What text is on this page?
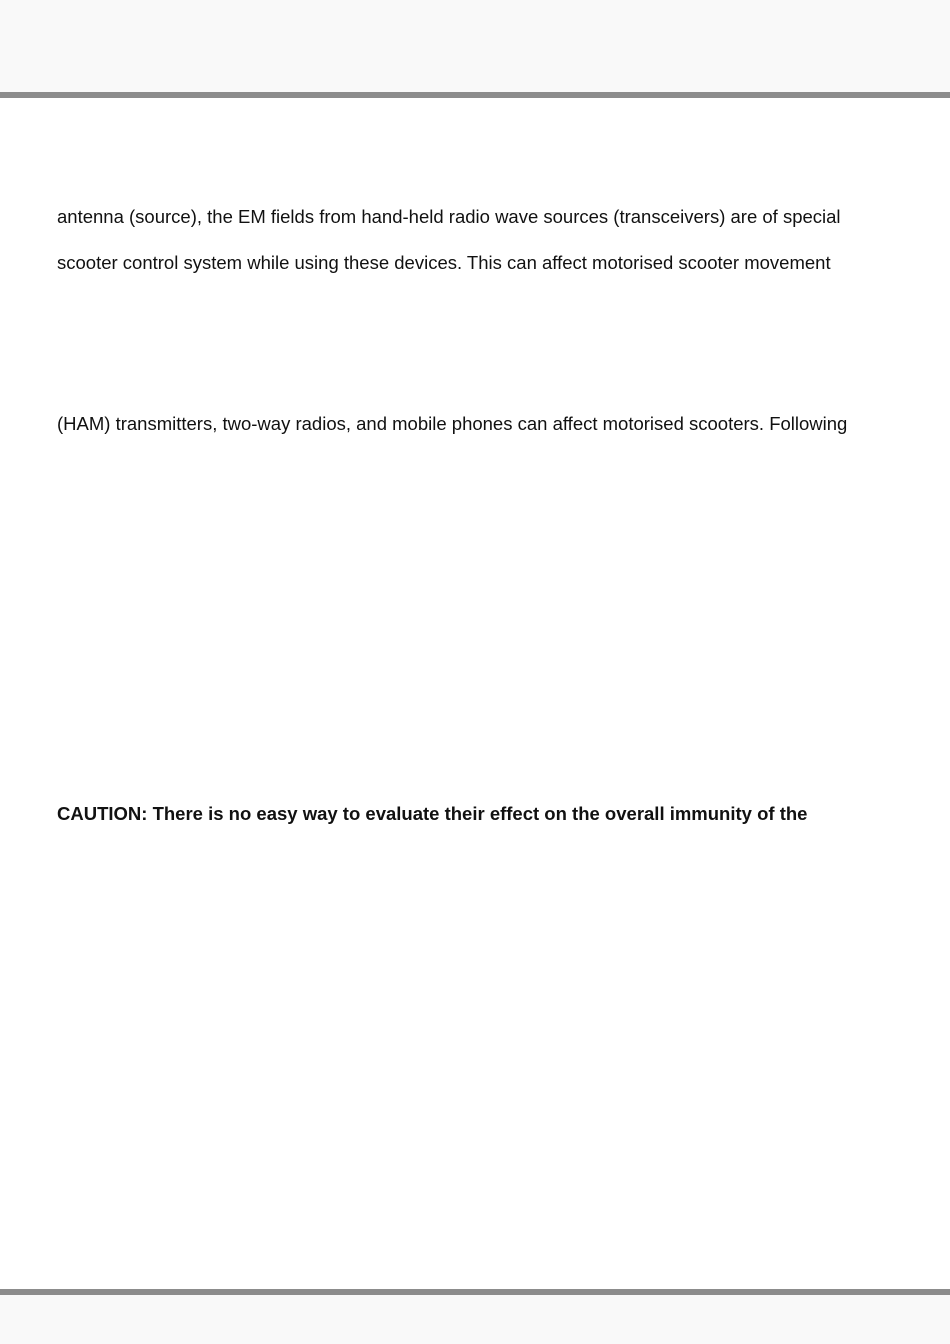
antenna (source), the EM fields from hand-held radio wave sources (transceivers) are of special
scooter control system while using these devices. This can affect motorised scooter movement
(HAM) transmitters, two-way radios, and mobile phones can affect motorised scooters. Following
CAUTION: There is no easy way to evaluate their effect on the overall immunity of the
